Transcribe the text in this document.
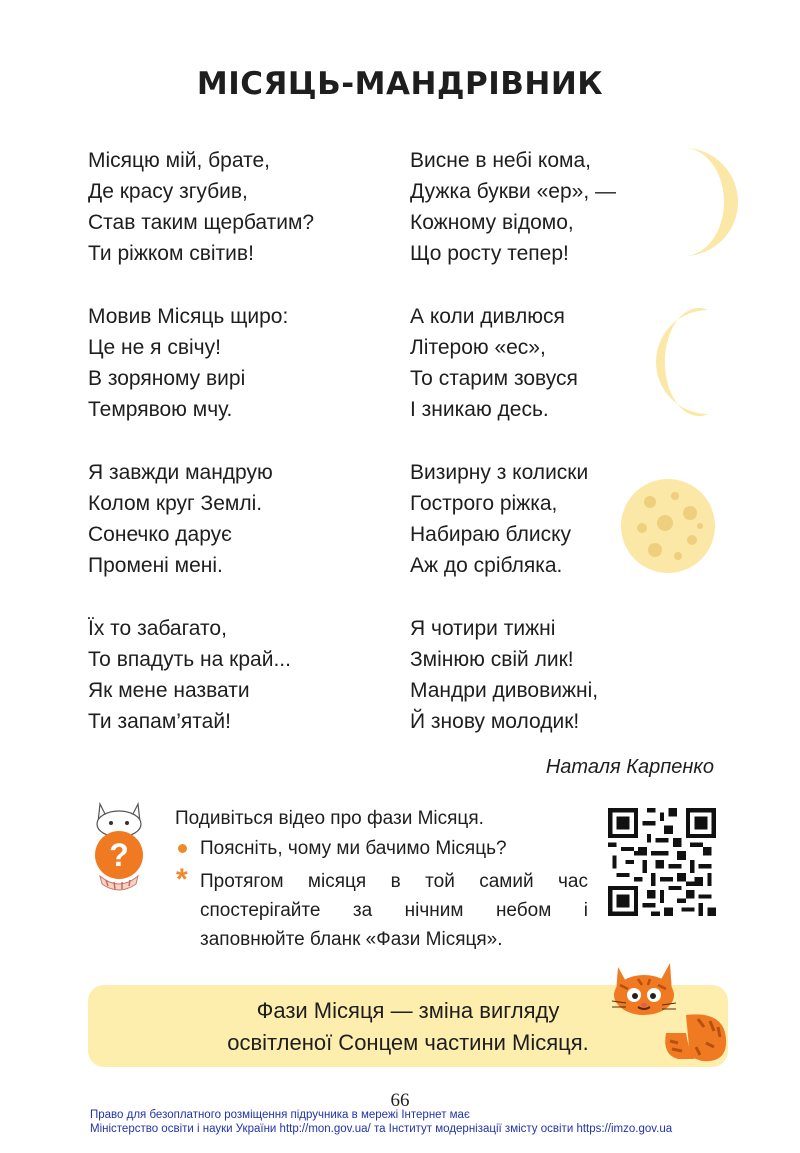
МІСЯЦЬ-МАНДРІВНИК
Місяцю мій, брате,
Де красу згубив,
Став таким щербатим?
Ти ріжком світив!
Мовив Місяць щиро:
Це не я свічу!
В зоряному вирі
Темрявою мчу.
Я завжди мандрую
Колом круг Землі.
Сонечко дарує
Промені мені.
Їх то забагато,
То впадуть на край...
Як мене назвати
Ти запам’ятай!
Висне в небі кома,
Дужка букви «ер», —
Кожному відомо,
Що росту тепер!
А коли дивлюся
Літерою «ес»,
То старим зовуся
І зникаю десь.
Визирну з колиски
Гострого ріжка,
Набираю блиску
Аж до срібляка.
Я чотири тижні
Змінюю свій лик!
Мандри дивовижні,
Й знову молодик!
Наталя Карпенко
?
Подивіться відео про фази Місяця.
Поясніть, чому ми бачимо Місяць?
* Протягом місяця в той самий час спостерігайте за нічним небом і заповнюйте бланк «Фази Місяця».
Фази Місяця — зміна вигляду
освітленої Сонцем частини Місяця.
66
Право для безоплатного розміщення підручника в мережі Інтернет має
Міністерство освіти і науки України http://mon.gov.ua/ та Інститут модернізації змісту освіти https://imzo.gov.ua
